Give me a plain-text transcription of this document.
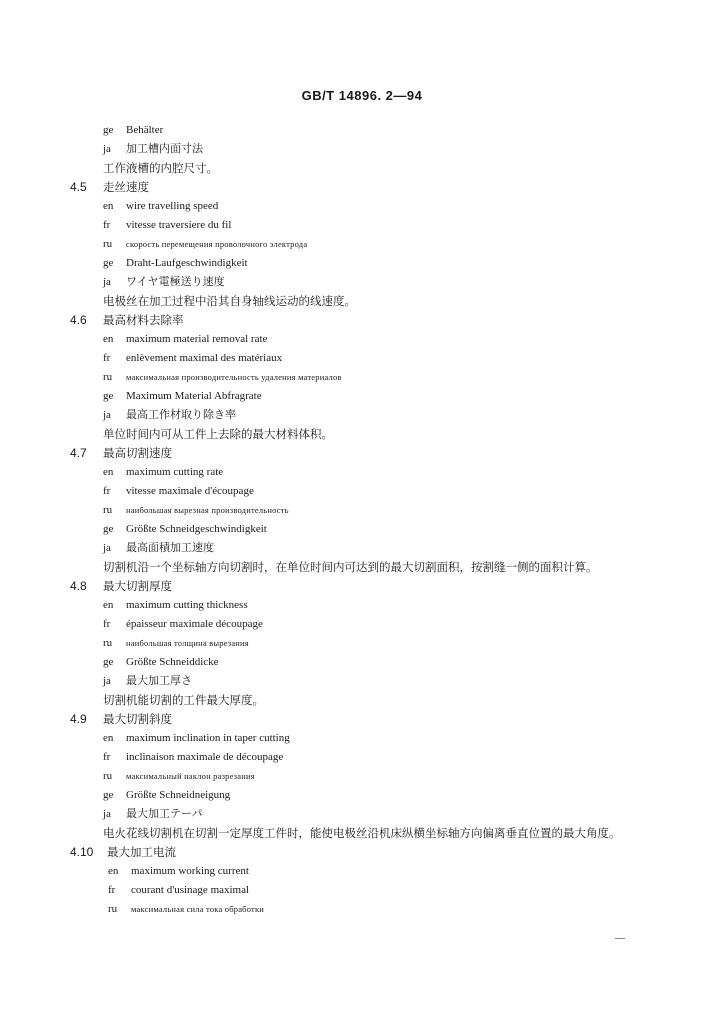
GB/T 14896. 2—94
ge	Behälter
ja	加工槽内面寸法
工作液槽的内腔尺寸。
4.5 走丝速度
en	wire travelling speed
fr	vitesse traversiere du fil
ru	скорость перемещения проволочного электрода
ge	Draht-Laufgeschwindigkeit
ja	ワイヤ電極送り速度
电极丝在加工过程中沿其自身轴线运动的线速度。
4.6 最高材料去除率
en	maximum material removal rate
fr	enlèvement maximal des matériaux
ru	максимальная производительность удаления материалов
ge	Maximum Material Abfragrate
ja	最高工作材取り除き率
单位时间内可从工件上去除的最大材料体积。
4.7 最高切割速度
en	maximum cutting rate
fr	vitesse maximale d'écoupage
ru	наибольшая вырезная производительность
ge	Größte Schneidgeschwindigkeit
ja	最高面積加工速度
切割机沿一个坐标轴方向切割时，在单位时间内可达到的最大切割面积，按割缝一侧的面积计算。
4.8 最大切割厚度
en	maximum cutting thickness
fr	épaisseur maximale découpage
ru	наибольшая толщина вырезания
ge	Größte Schneiddicke
ja	最大加工厚さ
切割机能切割的工件最大厚度。
4.9 最大切割斜度
en	maximum inclination in taper cutting
fr	inclinaison maximale de découpage
ru	максимальный наклон разрезания
ge	Größte Schneidneigung
ja	最大加工テーパ
电火花线切割机在切割一定厚度工件时，能使电极丝沿机床纵横坐标轴方向偏离垂直位置的最大角度。
4.10 最大加工电流
en	maximum working current
fr	courant d'usinage maximal
ru	максимальная сила тока обработки
